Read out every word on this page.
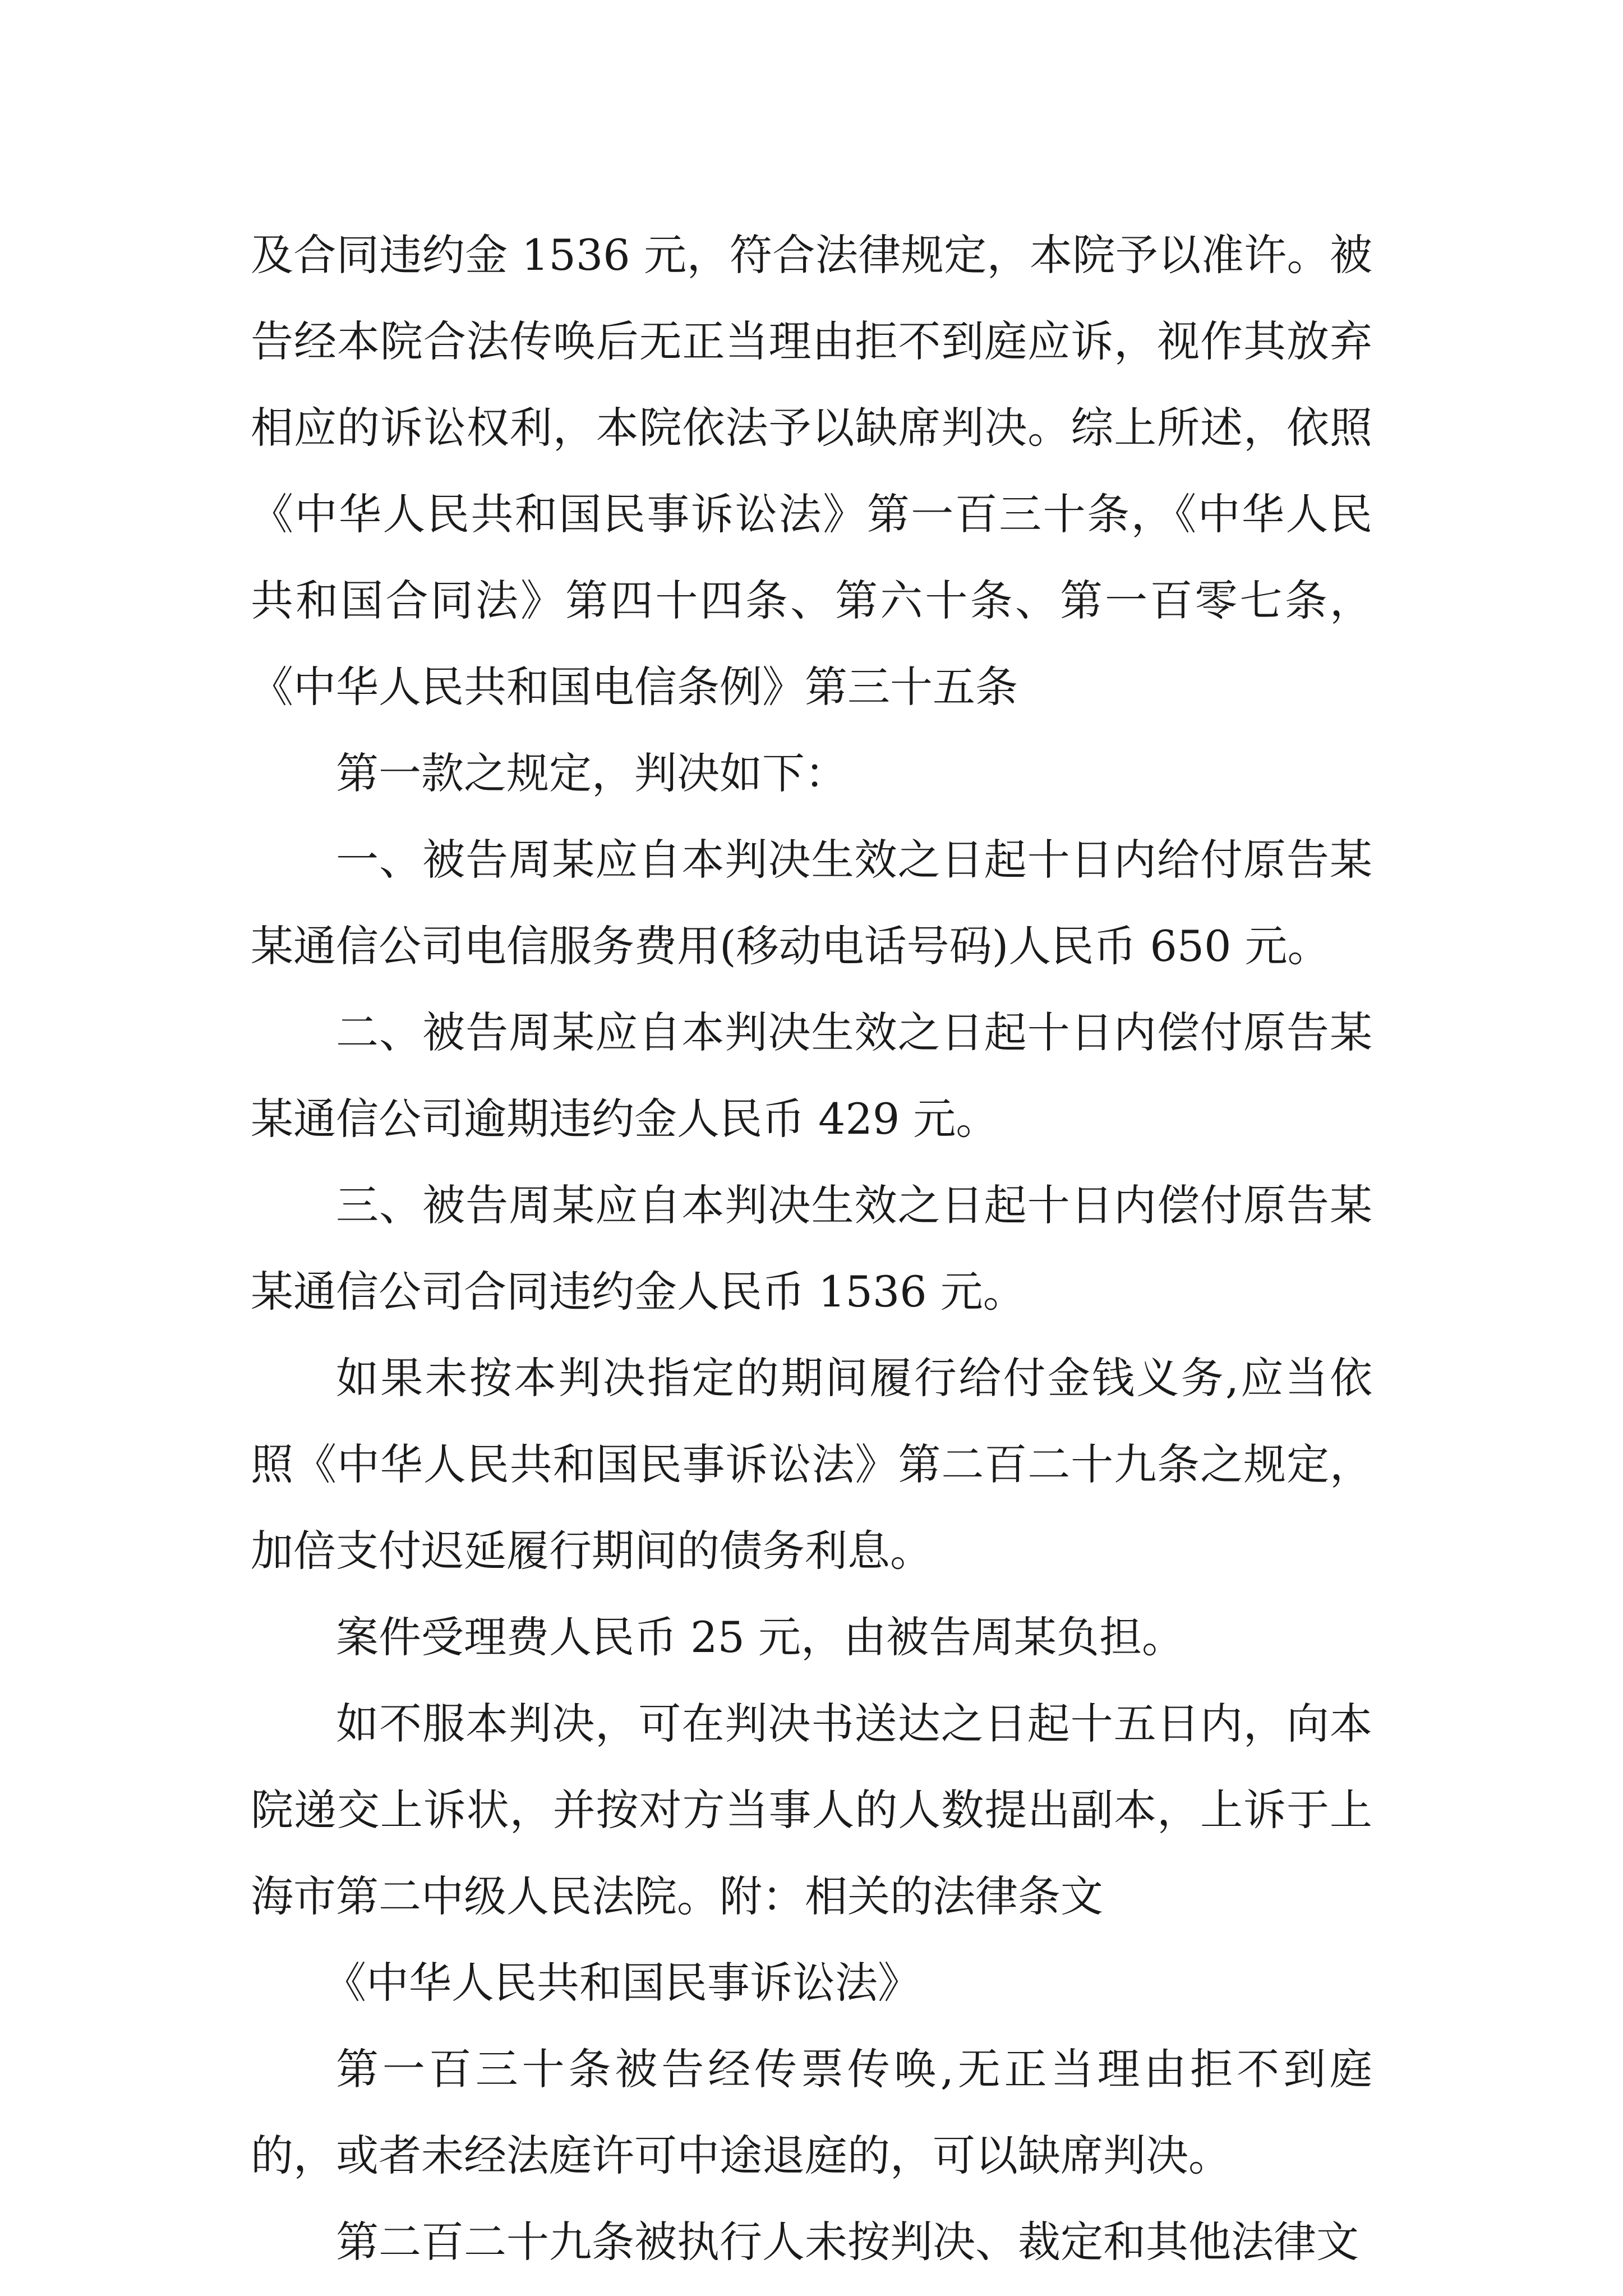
及合同违约金 1536 元，符合法律规定，本院予以准许。被告经本院合法传唤后无正当理由拒不到庭应诉，视作其放弃相应的诉讼权利，本院依法予以缺席判决。综上所述，依照《中华人民共和国民事诉讼法》第一百三十条，《中华人民共和国合同法》第四十四条、第六十条、第一百零七条，《中华人民共和国电信条例》第三十五条

第一款之规定，判决如下：

一、被告周某应自本判决生效之日起十日内给付原告某某通信公司电信服务费用(移动电话号码)人民币 650 元。

二、被告周某应自本判决生效之日起十日内偿付原告某某通信公司逾期违约金人民币 429 元。

三、被告周某应自本判决生效之日起十日内偿付原告某某通信公司合同违约金人民币 1536 元。

如果未按本判决指定的期间履行给付金钱义务,应当依照《中华人民共和国民事诉讼法》第二百二十九条之规定，加倍支付迟延履行期间的债务利息。

案件受理费人民币 25 元，由被告周某负担。

如不服本判决，可在判决书送达之日起十五日内，向本院递交上诉状，并按对方当事人的人数提出副本，上诉于上海市第二中级人民法院。附：相关的法律条文

《中华人民共和国民事诉讼法》

第一百三十条被告经传票传唤,无正当理由拒不到庭的，或者未经法庭许可中途退庭的，可以缺席判决。

第二百二十九条被执行人未按判决、裁定和其他法律文
